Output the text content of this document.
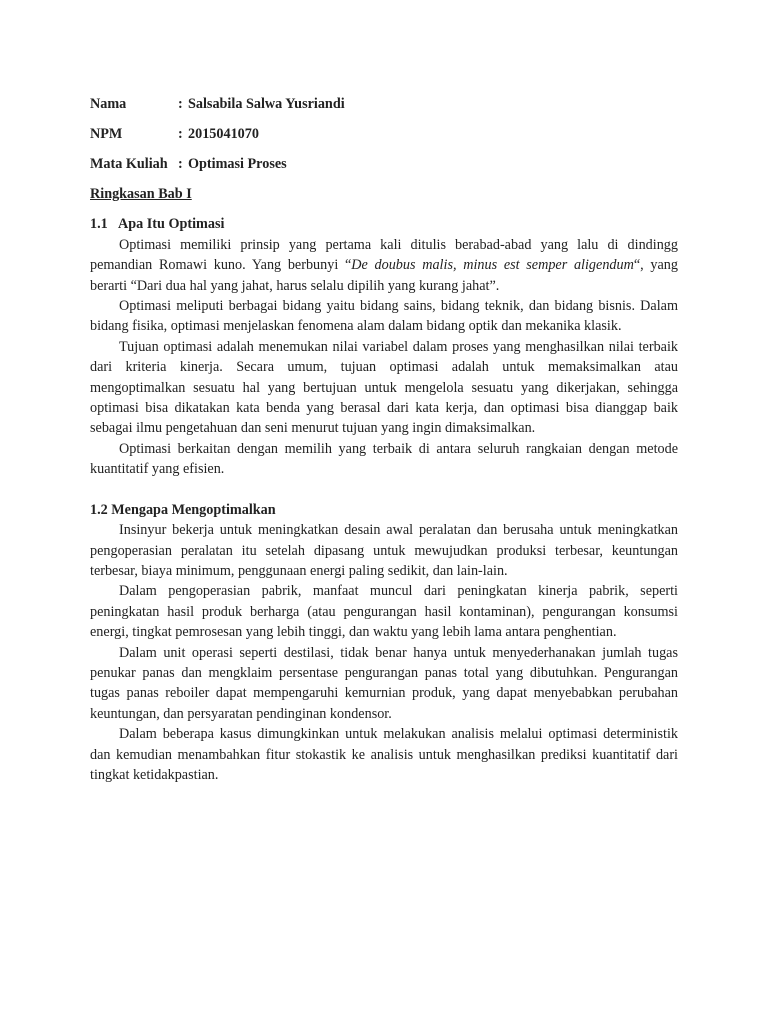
Nama	: Salsabila Salwa Yusriandi
NPM	: 2015041070
Mata Kuliah : Optimasi Proses
Ringkasan Bab I
1.1 Apa Itu Optimasi

Optimasi memiliki prinsip yang pertama kali ditulis berabad-abad yang lalu di dindingg pemandian Romawi kuno. Yang berbunyi “De doubus malis, minus est semper aligendum“, yang berarti “Dari dua hal yang jahat, harus selalu dipilih yang kurang jahat”.

Optimasi meliputi berbagai bidang yaitu bidang sains, bidang teknik, dan bidang bisnis. Dalam bidang fisika, optimasi menjelaskan fenomena alam dalam bidang optik dan mekanika klasik.

Tujuan optimasi adalah menemukan nilai variabel dalam proses yang menghasilkan nilai terbaik dari kriteria kinerja. Secara umum, tujuan optimasi adalah untuk memaksimalkan atau mengoptimalkan sesuatu hal yang bertujuan untuk mengelola sesuatu yang dikerjakan, sehingga optimasi bisa dikatakan kata benda yang berasal dari kata kerja, dan optimasi bisa dianggap baik sebagai ilmu pengetahuan dan seni menurut tujuan yang ingin dimaksimalkan.

Optimasi berkaitan dengan memilih yang terbaik di antara seluruh rangkaian dengan metode kuantitatif yang efisien.

1.2 Mengapa Mengoptimalkan

Insinyur bekerja untuk meningkatkan desain awal peralatan dan berusaha untuk meningkatkan pengoperasian peralatan itu setelah dipasang untuk mewujudkan produksi terbesar, keuntungan terbesar, biaya minimum, penggunaan energi paling sedikit, dan lain-lain.

Dalam pengoperasian pabrik, manfaat muncul dari peningkatan kinerja pabrik, seperti peningkatan hasil produk berharga (atau pengurangan hasil kontaminan), pengurangan konsumsi energi, tingkat pemrosesan yang lebih tinggi, dan waktu yang lebih lama antara penghentian.

Dalam unit operasi seperti destilasi, tidak benar hanya untuk menyederhanakan jumlah tugas penukar panas dan mengklaim persentase pengurangan panas total yang dibutuhkan. Pengurangan tugas panas reboiler dapat mempengaruhi kemurnian produk, yang dapat menyebabkan perubahan keuntungan, dan persyaratan pendinginan kondensor.

Dalam beberapa kasus dimungkinkan untuk melakukan analisis melalui optimasi deterministik dan kemudian menambahkan fitur stokastik ke analisis untuk menghasilkan prediksi kuantitatif dari tingkat ketidakpastian.
